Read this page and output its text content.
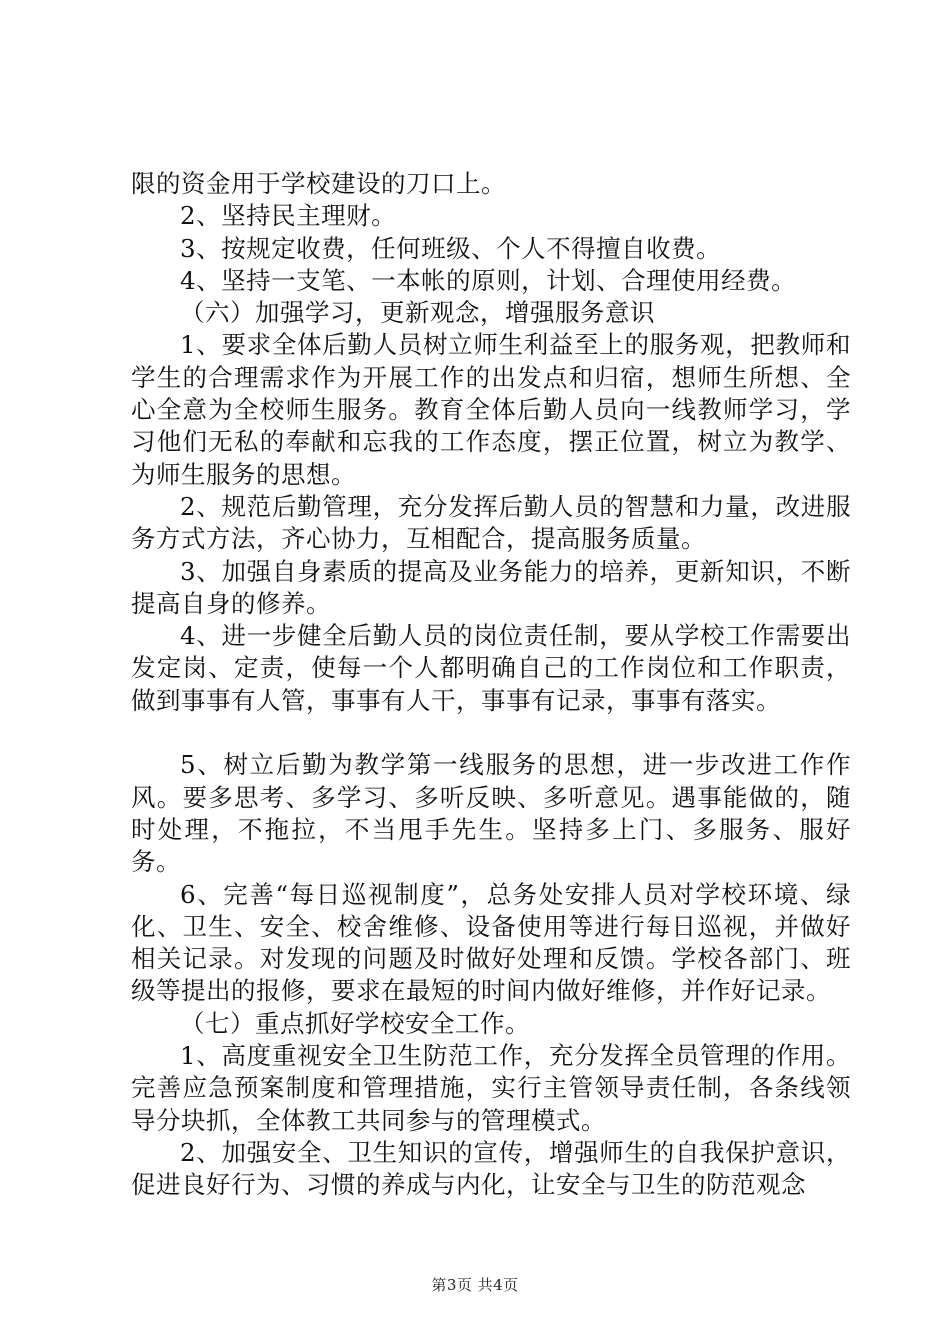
限的资金用于学校建设的刀口上。

2、坚持民主理财。

3、按规定收费，任何班级、个人不得擅自收费。

4、坚持一支笔、一本帐的原则，计划、合理使用经费。

（六）加强学习，更新观念，增强服务意识

1、要求全体后勤人员树立师生利益至上的服务观，把教师和学生的合理需求作为开展工作的出发点和归宿，想师生所想、全心全意为全校师生服务。教育全体后勤人员向一线教师学习，学习他们无私的奉献和忘我的工作态度，摆正位置，树立为教学、为师生服务的思想。

2、规范后勤管理，充分发挥后勤人员的智慧和力量，改进服务方式方法，齐心协力，互相配合，提高服务质量。

3、加强自身素质的提高及业务能力的培养，更新知识，不断提高自身的修养。

4、进一步健全后勤人员的岗位责任制，要从学校工作需要出发定岗、定责，使每一个人都明确自己的工作岗位和工作职责，做到事事有人管，事事有人干，事事有记录，事事有落实。

5、树立后勤为教学第一线服务的思想，进一步改进工作作风。要多思考、多学习、多听反映、多听意见。遇事能做的，随时处理，不拖拉，不当甩手先生。坚持多上门、多服务、服好务。

6、完善“每日巡视制度”，总务处安排人员对学校环境、绿化、卫生、安全、校舍维修、设备使用等进行每日巡视，并做好相关记录。对发现的问题及时做好处理和反馈。学校各部门、班级等提出的报修，要求在最短的时间内做好维修，并作好记录。

（七）重点抓好学校安全工作。

1、高度重视安全卫生防范工作，充分发挥全员管理的作用。完善应急预案制度和管理措施，实行主管领导责任制，各条线领导分块抓，全体教工共同参与的管理模式。

2、加强安全、卫生知识的宣传，增强师生的自我保护意识，促进良好行为、习惯的养成与内化，让安全与卫生的防范观念

第3页 共4页
